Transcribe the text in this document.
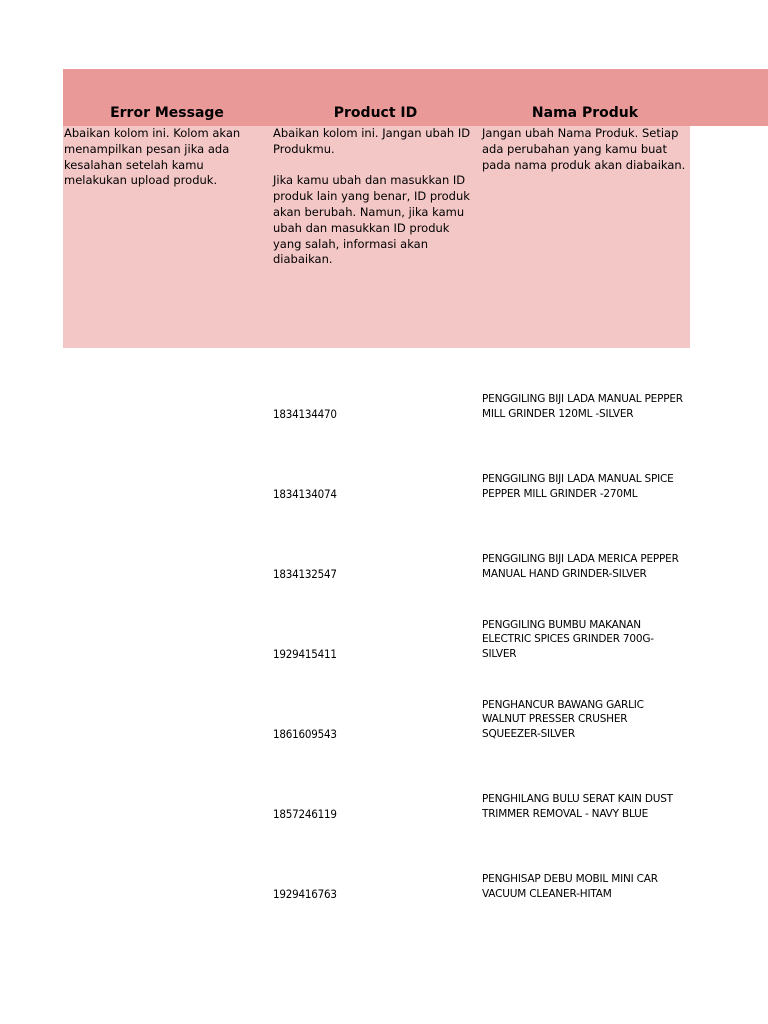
Error Message	Product ID	Nama Produk
Abaikan kolom ini. Kolom akan menampilkan pesan jika ada kesalahan setelah kamu melakukan upload produk.
Abaikan kolom ini. Jangan ubah ID Produkmu.

Jika kamu ubah dan masukkan ID produk lain yang benar, ID produk akan berubah. Namun, jika kamu ubah dan masukkan ID produk yang salah, informasi akan diabaikan.
Jangan ubah Nama Produk. Setiap ada perubahan yang kamu buat pada nama produk akan diabaikan.
1834134470
PENGGILING BIJI LADA MANUAL PEPPER MILL GRINDER 120ML -SILVER
1834134074
PENGGILING BIJI LADA MANUAL SPICE PEPPER MILL GRINDER -270ML
1834132547
PENGGILING BIJI LADA MERICA PEPPER MANUAL HAND GRINDER-SILVER
1929415411
PENGGILING BUMBU MAKANAN ELECTRIC SPICES GRINDER 700G-SILVER
1861609543
PENGHANCUR BAWANG GARLIC WALNUT PRESSER CRUSHER SQUEEZER-SILVER
1857246119
PENGHILANG BULU SERAT KAIN DUST TRIMMER REMOVAL - NAVY BLUE
1929416763
PENGHISAP DEBU MOBIL MINI CAR VACUUM CLEANER-HITAM
